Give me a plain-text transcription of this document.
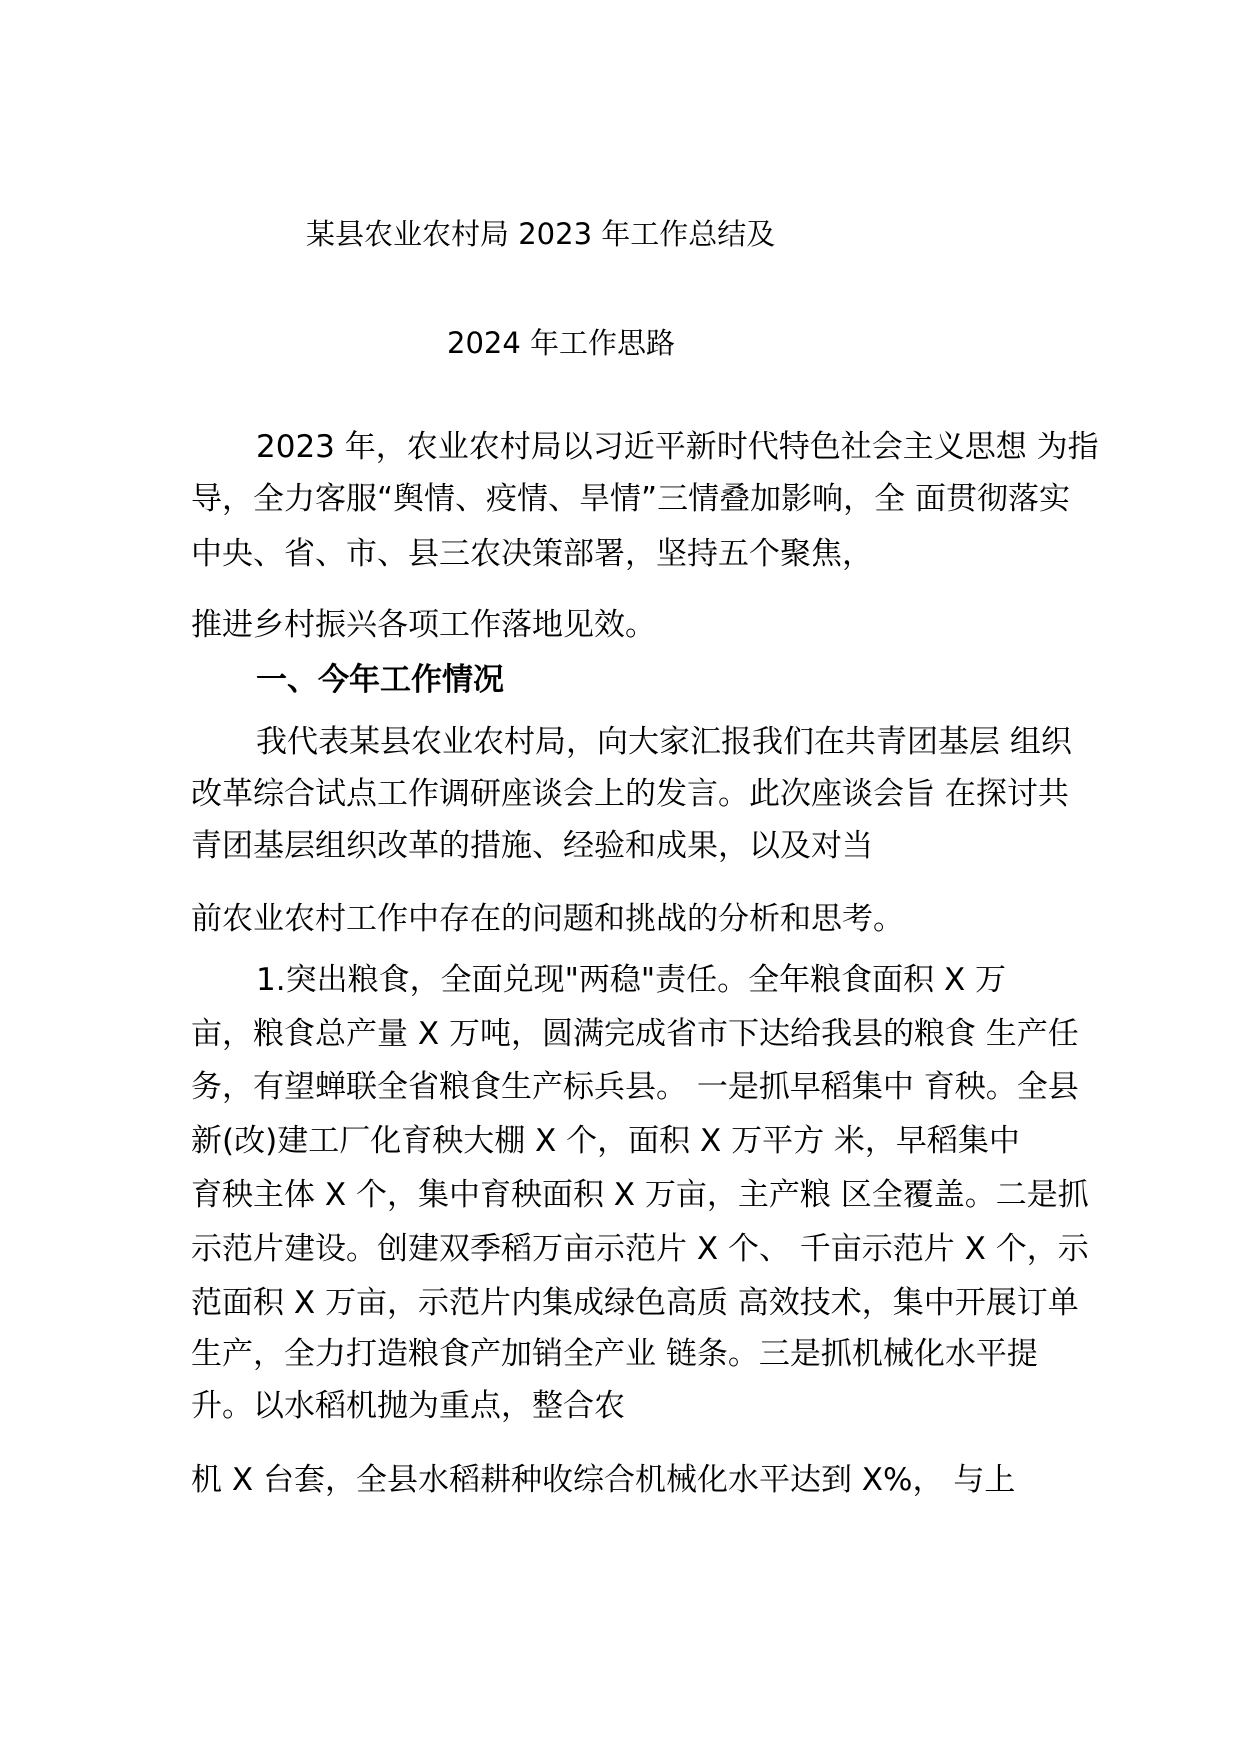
某县农业农村局 2023 年工作总结及
2024 年工作思路
2023 年，农业农村局以习近平新时代特色社会主义思想 为指
导，全力客服“舆情、疫情、旱情”三情叠加影响，全 面贯彻落实
中央、省、市、县三农决策部署，坚持五个聚焦，
推进乡村振兴各项工作落地见效。
一、今年工作情况
我代表某县农业农村局，向大家汇报我们在共青团基层 组织
改革综合试点工作调研座谈会上的发言。此次座谈会旨 在探讨共
青团基层组织改革的措施、经验和成果，以及对当
前农业农村工作中存在的问题和挑战的分析和思考。
1.突出粮食，全面兑现"两稳"责任。全年粮食面积 X 万
亩，粮食总产量 X 万吨，圆满完成省市下达给我县的粮食 生产任
务，有望蝉联全省粮食生产标兵县。 一是抓早稻集中 育秧。全县
新(改)建工厂化育秧大棚 X 个，面积 X 万平方 米，早稻集中
育秧主体 X 个，集中育秧面积 X 万亩，主产粮 区全覆盖。二是抓
示范片建设。创建双季稻万亩示范片 X 个、 千亩示范片 X 个，示
范面积 X 万亩，示范片内集成绿色高质 高效技术，集中开展订单
生产，全力打造粮食产加销全产业 链条。三是抓机械化水平提
升。以水稻机抛为重点，整合农
机 X 台套，全县水稻耕种收综合机械化水平达到 X%， 与上
